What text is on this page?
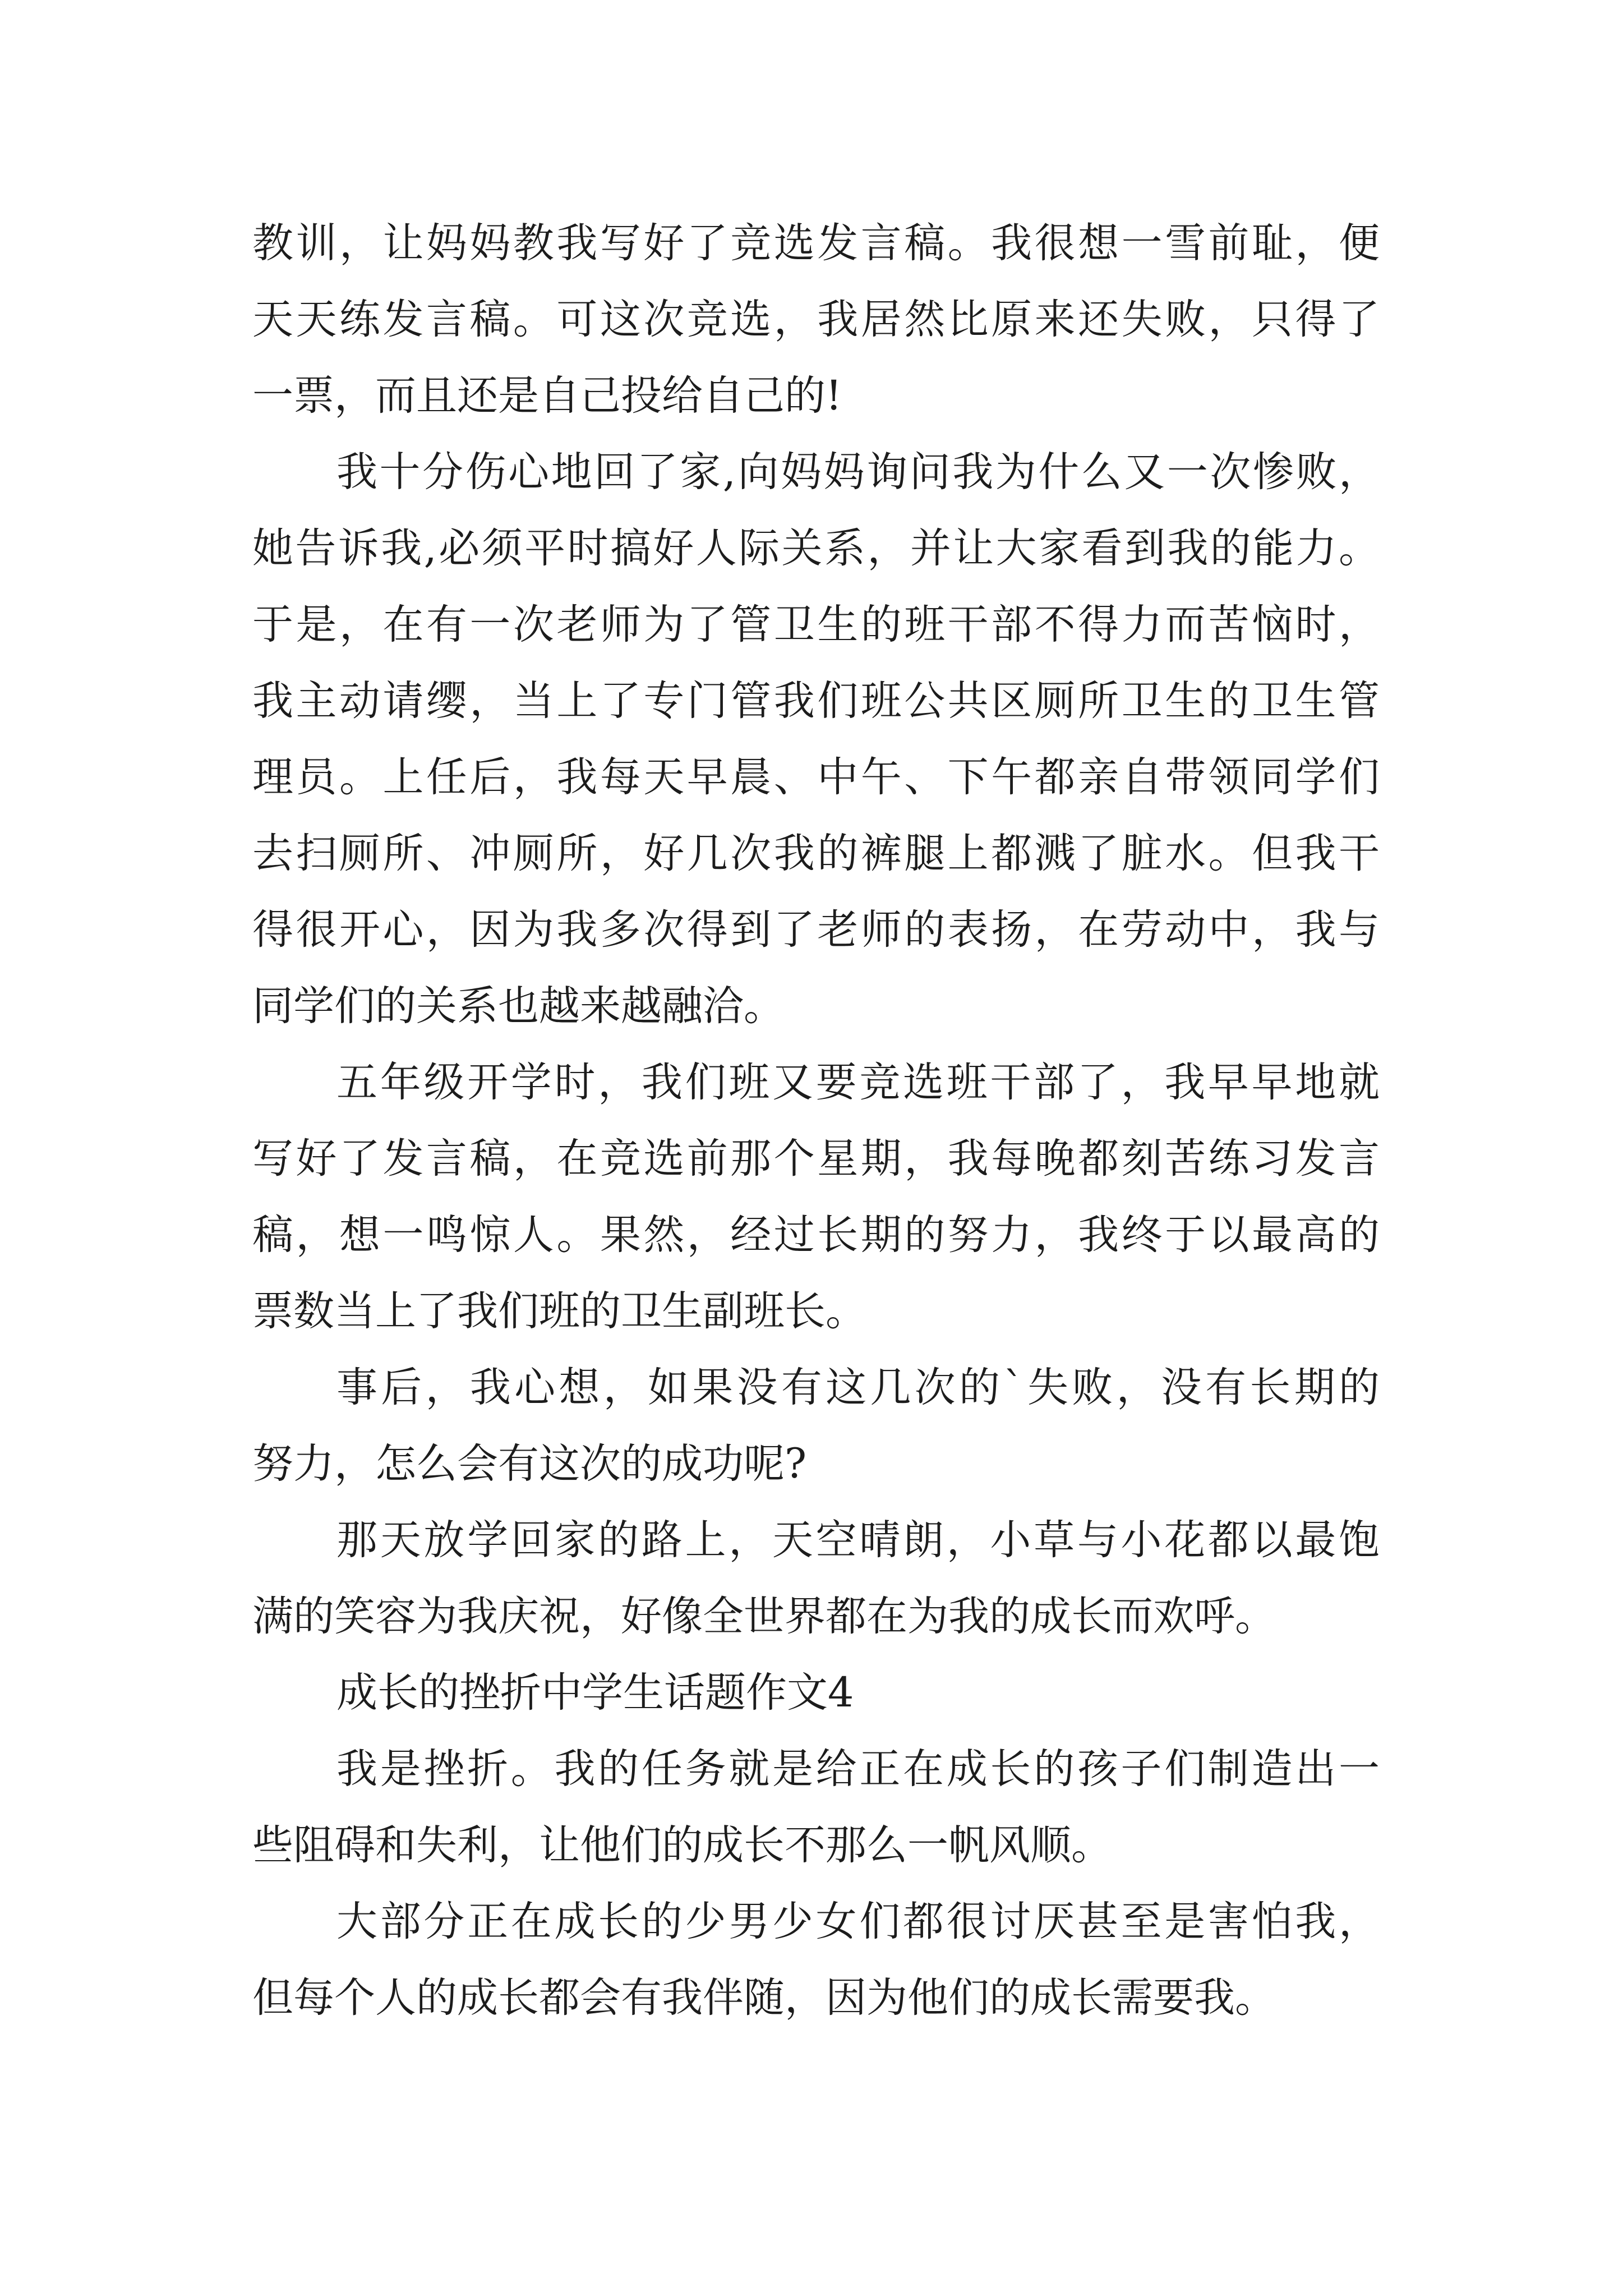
教训，让妈妈教我写好了竞选发言稿。我很想一雪前耻，便
天天练发言稿。可这次竞选，我居然比原来还失败，只得了
一票，而且还是自己投给自己的!
我十分伤心地回了家,向妈妈询问我为什么又一次惨败，
她告诉我,必须平时搞好人际关系，并让大家看到我的能力。
于是，在有一次老师为了管卫生的班干部不得力而苦恼时，
我主动请缨，当上了专门管我们班公共区厕所卫生的卫生管
理员。上任后，我每天早晨、中午、下午都亲自带领同学们
去扫厕所、冲厕所，好几次我的裤腿上都溅了脏水。但我干
得很开心，因为我多次得到了老师的表扬，在劳动中，我与
同学们的关系也越来越融洽。
五年级开学时，我们班又要竞选班干部了，我早早地就
写好了发言稿，在竞选前那个星期，我每晚都刻苦练习发言
稿，想一鸣惊人。果然，经过长期的努力，我终于以最高的
票数当上了我们班的卫生副班长。
事后，我心想，如果没有这几次的`失败，没有长期的
努力，怎么会有这次的成功呢?
那天放学回家的路上，天空晴朗，小草与小花都以最饱
满的笑容为我庆祝，好像全世界都在为我的成长而欢呼。
成长的挫折中学生话题作文4
我是挫折。我的任务就是给正在成长的孩子们制造出一
些阻碍和失利，让他们的成长不那么一帆风顺。
大部分正在成长的少男少女们都很讨厌甚至是害怕我，
但每个人的成长都会有我伴随，因为他们的成长需要我。
